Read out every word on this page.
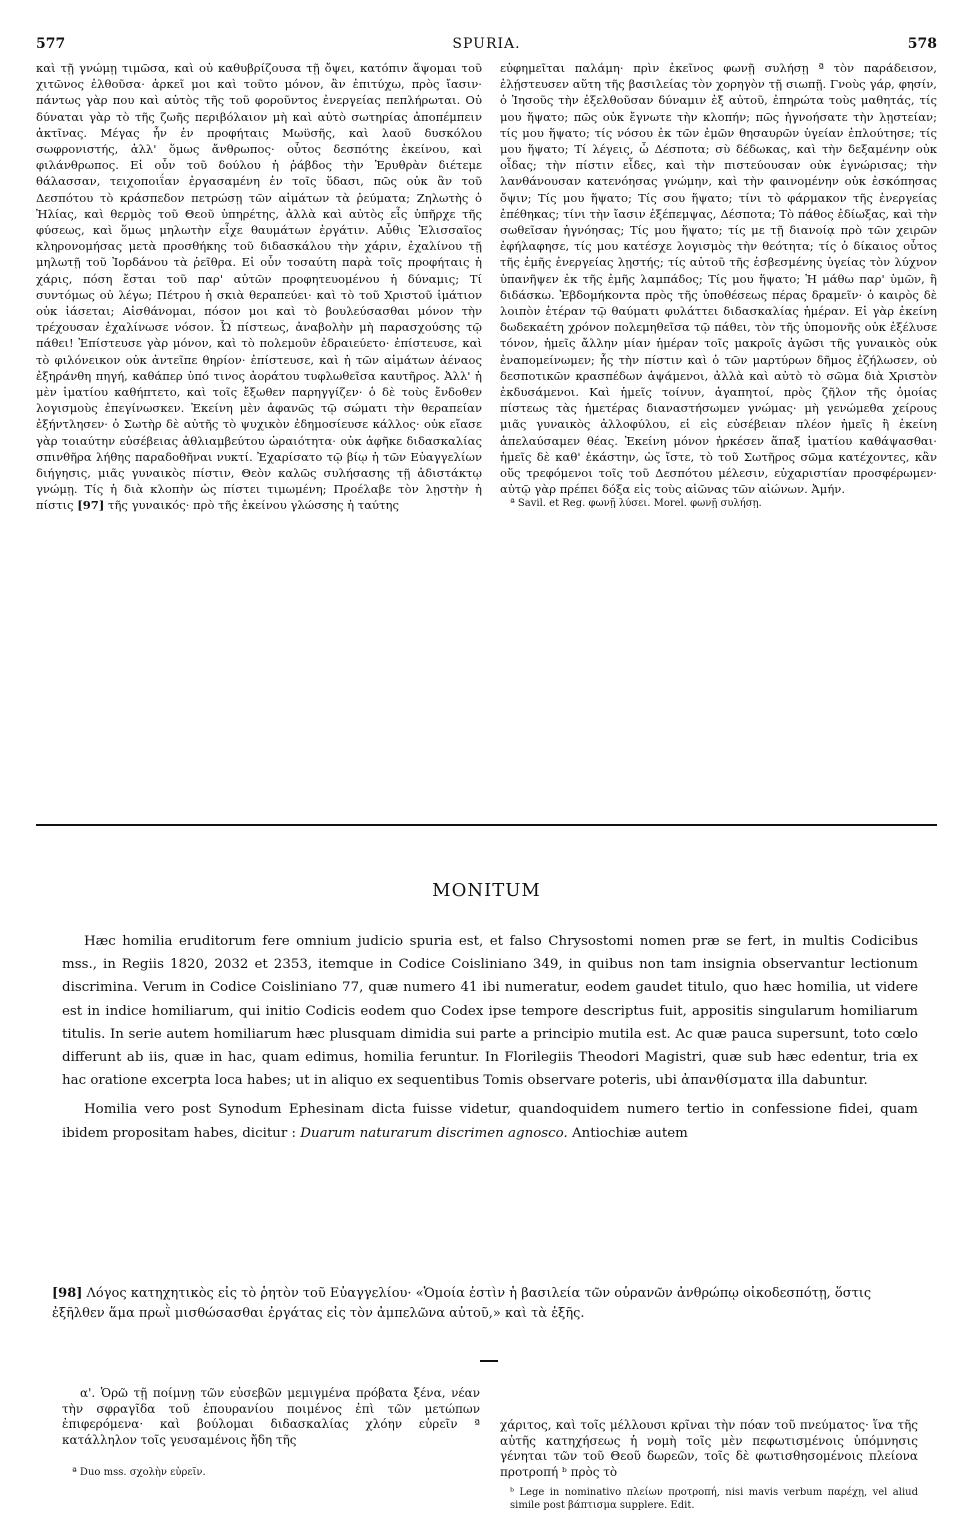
577	SPURIA.	578

καὶ τῇ γνώμῃ τιμῶσα, καὶ οὐ καθυβρίζουσα τῇ ὄψει, κατόπιν ἅψομαι τοῦ χιτῶνος ἐλθοῦσα· ἀρκεῖ μοι καὶ τοῦτο μόνον, ἂν ἐπιτύχω, πρὸς ἴασιν· πάντως γὰρ που καὶ αὐτὸς τῆς τοῦ φοροῦντος ἐνεργείας πεπλήρωται. Οὐ δύναται γὰρ τὸ τῆς ζωῆς περιβόλαιον μὴ καὶ αὐτὸ σωτηρίας ἀποπέμπειν ἀκτῖνας. Μέγας ἦν ἐν προφήταις Μωϋσῆς, καὶ λαοῦ δυσκόλου σωφρονιστής, ἀλλ' ὅμως ἄνθρωπος· οὗτος δεσπότης ἐκείνου, καὶ φιλάνθρωπος. Εἰ οὖν τοῦ δούλου ἡ ῥάβδος τὴν Ἐρυθρὰν διέτεμε θάλασσαν, τειχοποιΐαν ἐργασαμένη ἐν τοῖς ὕδασι, πῶς οὐκ ἂν τοῦ Δεσπότου τὸ κράσπεδον πετρώσῃ τῶν αἱμάτων τὰ ῥεύματα; Ζηλωτὴς ὁ Ἠλίας, καὶ θερμὸς τοῦ Θεοῦ ὑπηρέτης, ἀλλὰ καὶ αὐτὸς εἷς ὑπῆρχε τῆς φύσεως, καὶ ὅμως μηλωτὴν εἶχε θαυμάτων ἐργάτιν. Αὖθις Ἐλισσαῖος κληρονομήσας μετὰ προσθήκης τοῦ διδασκάλου τὴν χάριν, ἐχαλίνου τῇ μηλωτῇ τοῦ Ἰορδάνου τὰ ῥεῖθρα. Εἰ οὖν τοσαύτη παρὰ τοῖς προφήταις ἡ χάρις, πόση ἔσται τοῦ παρ' αὐτῶν προφητευομένου ἡ δύναμις; Τί συντόμως οὐ λέγω; Πέτρου ἡ σκιὰ θεραπεύει· καὶ τὸ τοῦ Χριστοῦ ἱμάτιον οὐκ ἰάσεται; Αἰσθάνομαι, πόσον μοι καὶ τὸ βουλεύσασθαι μόνον τὴν τρέχουσαν ἐχαλίνωσε νόσον. Ὦ πίστεως, ἀναβολὴν μὴ παρασχούσης τῷ πάθει! Ἐπίστευσε γὰρ μόνον, καὶ τὸ πολεμοῦν ἐδραιεύετο· ἐπίστευσε, καὶ τὸ φιλόνεικον οὐκ ἀντεῖπε θηρίον· ἐπίστευσε, καὶ ἡ τῶν αἱμάτων ἀέναος ἐξηράνθη πηγή, καθάπερ ὑπό τινος ἀοράτου τυφλωθεῖσα καυτῆρος. Ἀλλ' ἡ μὲν ἱματίου καθήπτετο, καὶ τοῖς ἔξωθεν παρηγγίζεν· ὁ δὲ τοὺς ἔνδοθεν λογισμοὺς ἐπεγίνωσκεν. Ἐκείνη μὲν ἀφανῶς τῷ σώματι τὴν θεραπείαν ἐξήντλησεν· ὁ Σωτὴρ δὲ αὐτῆς τὸ ψυχικὸν ἐδημοσίευσε κάλλος· οὐκ εἴασε γὰρ τοιαύτην εὐσέβειας ἀθλιαμβεύτου ὡραιότητα· οὐκ ἀφῆκε διδασκαλίας σπινθῆρα λήθης παραδοθῆναι νυκτί. Ἐχαρίσατο τῷ βίῳ ἡ τῶν Εὐαγγελίων διήγησις, μιᾶς γυναικὸς πίστιν, Θεὸν καλῶς συλήσασης τῇ ἀδιστάκτῳ γνώμῃ. Τίς ἡ διὰ κλοπὴν ὡς πίστει τιμωμένη; Προέλαβε τὸν λῃστὴν ἡ πίστις [97] τῆς γυναικός· πρὸ τῆς ἐκείνου γλώσσης ἡ ταύτης

εὐφημεῖται παλάμη· πρὶν ἐκεῖνος φωνῇ συλήσῃ ª τὸν παράδεισον, ἐλῄστευσεν αὕτη τῆς βασιλείας τὸν χορηγὸν τῇ σιωπῇ. Γνοὺς γάρ, φησίν, ὁ Ἰησοῦς τὴν ἐξελθοῦσαν δύναμιν ἐξ αὐτοῦ, ἐπηρώτα τοὺς μαθητάς, τίς μου ἥψατο; πῶς οὐκ ἔγνωτε τὴν κλοπήν; πῶς ἠγνοήσατε τὴν λῃστείαν; τίς μου ἥψατο; τίς νόσου ἐκ τῶν ἐμῶν θησαυρῶν ὑγείαν ἐπλούτησε; τίς μου ἥψατο; Τί λέγεις, ὦ Δέσποτα; σὺ δέδωκας, καὶ τὴν δεξαμένην οὐκ οἶδας; τὴν πίστιν εἶδες, καὶ τὴν πιστεύουσαν οὐκ ἐγνώρισας; τὴν λανθάνουσαν κατενόησας γνώμην, καὶ τὴν φαινομένην οὐκ ἐσκόπησας ὄψιν; Τίς μου ἥψατο; Τίς σου ἥψατο; τίνι τὸ φάρμακον τῆς ἐνεργείας ἐπέθηκας; τίνι τὴν ἴασιν ἐξέπεμψας, Δέσποτα; Τὸ πάθος ἐδίωξας, καὶ τὴν σωθεῖσαν ἠγνόησας; Τίς μου ἥψατο; τίς με τῇ διανοίᾳ πρὸ τῶν χειρῶν ἐφήλαφησε, τίς μου κατέσχε λογισμὸς τὴν θεότητα; τίς ὁ δίκαιος οὗτος τῆς ἐμῆς ἐνεργείας λῃστής; τίς αὐτοῦ τῆς ἐσβεσμένης ὑγείας τὸν λύχνον ὑπανῆψεν ἐκ τῆς ἐμῆς λαμπάδος; Τίς μου ἥψατο; Ἡ μάθω παρ' ὑμῶν, ἢ διδάσκω. Ἐβδομήκοντα πρὸς τῆς ὑποθέσεως πέρας δραμεῖν· ὁ καιρὸς δὲ λοιπὸν ἑτέραν τῷ θαύματι φυλάττει διδασκαλίας ἡμέραν. Εἰ γὰρ ἐκείνη δωδεκαέτη χρόνον πολεμηθεῖσα τῷ πάθει, τὸν τῆς ὑπομονῆς οὐκ ἐξέλυσε τόνον, ἡμεῖς ἄλλην μίαν ἡμέραν τοῖς μακροῖς ἀγῶσι τῆς γυναικὸς οὐκ ἐναπομείνωμεν; ἧς τὴν πίστιν καὶ ὁ τῶν μαρτύρων δῆμος ἐζήλωσεν, οὐ δεσποτικῶν κρασπέδων ἁψάμενοι, ἀλλὰ καὶ αὐτὸ τὸ σῶμα διὰ Χριστὸν ἐκδυσάμενοι. Καὶ ἡμεῖς τοίνυν, ἀγαπητοί, πρὸς ζῆλον τῆς ὁμοίας πίστεως τὰς ἡμετέρας διαναστήσωμεν γνώμας· μὴ γενώμεθα χείρους μιᾶς γυναικὸς ἀλλοφύλου, εἰ εἰς εὐσέβειαν πλέον ἡμεῖς ἢ ἐκείνη ἀπελαύσαμεν θέας. Ἐκείνη μόνον ἠρκέσεν ἅπαξ ἱματίου καθάψασθαι· ἡμεῖς δὲ καθ' ἑκάστην, ὡς ἴστε, τὸ τοῦ Σωτῆρος σῶμα κατέχοντες, κἂν οὕς τρεφόμενοι τοῖς τοῦ Δεσπότου μέλεσιν, εὐχαριστίαν προσφέρωμεν· αὐτῷ γὰρ πρέπει δόξα εἰς τοὺς αἰῶνας τῶν αἰώνων. Ἀμήν.

ª Savil. et Reg. φωνῇ λύσει. Morel. φωνῇ συλήσῃ.

MONITUM

Hæc homilia eruditorum fere omnium judicio spuria est, et falso Chrysostomi nomen præ se fert, in multis Codicibus mss., in Regiis 1820, 2032 et 2353, itemque in Codice Coisliniano 349, in quibus non tam insignia observantur lectionum discrimina. Verum in Codice Coisliniano 77, quæ numero 41 ibi numeratur, eodem gaudet titulo, quo hæc homilia, ut videre est in indice homiliarum, qui initio Codicis eodem quo Codex ipse tempore descriptus fuit, appositis singularum homiliarum titulis. In serie autem homiliarum hæc plusquam dimidia sui parte a principio mutila est. Ac quæ pauca supersunt, toto cœlo differunt ab iis, quæ in hac, quam edimus, homilia feruntur. In Florilegiis Theodori Magistri, quæ sub hæc edentur, tria ex hac oratione excerpta loca habes; ut in aliquo ex sequentibus Tomis observare poteris, ubi ἀπανθίσματα illa dabuntur.

Homilia vero post Synodum Ephesinam dicta fuisse videtur, quandoquidem numero tertio in confessione fidei, quam ibidem propositam habes, dicitur : Duarum naturarum discrimen agnosco. Antiochiæ autem

[98] Λόγος κατηχητικὸς εἰς τὸ ῥητὸν τοῦ Εὐαγγελίου· «Ὁμοία ἐστὶν ἡ βασιλεία τῶν οὐρανῶν ἀνθρώπῳ οἰκοδεσπότῃ, ὅστις ἐξῆλθεν ἅμα πρωῒ μισθώσασθαι ἐργάτας εἰς τὸν ἀμπελῶνα αὐτοῦ,» καὶ τὰ ἑξῆς.

α'. Ὁρῶ τῇ ποίμνῃ τῶν εὐσεβῶν μεμιγμένα πρόβατα ξένα, νέαν τὴν σφραγῖδα τοῦ ἐπουρανίου ποιμένος ἐπὶ τῶν μετώπων ἐπιφερόμενα· καὶ βούλομαι διδασκαλίας χλόην εὑρεῖν ª κατάλληλον τοῖς γευσαμένοις ἤδη τῆς

ª Duo mss. σχολὴν εὑρεῖν.

χάριτος, καὶ τοῖς μέλλουσι κρῖναι τὴν πόαν τοῦ πνεύματος· ἵνα τῆς αὐτῆς κατηχήσεως ἡ νομὴ τοῖς μὲν πεφωτισμένοις ὑπόμνησις γένηται τῶν τοῦ Θεοῦ δωρεῶν, τοῖς δὲ φωτισθησομένοις πλείονα προτροπή ᵇ πρὸς τὸ

ᵇ Lege in nominativo πλείων προτροπή, nisi mavis verbum παρέχῃ, vel aliud simile post βάπτισμα supplere. Edit.
